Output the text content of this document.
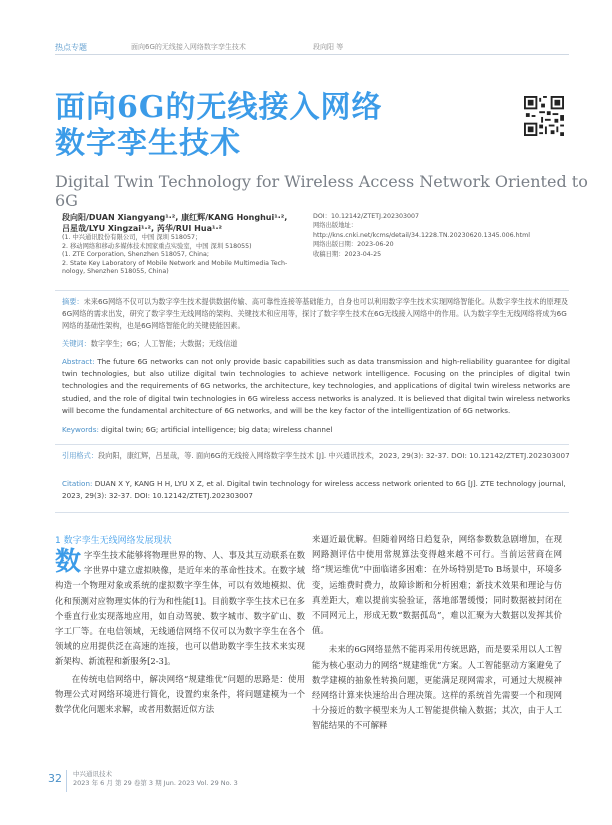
热点专题	面向6G的无线接入网络数字孪生技术	段向阳 等
面向6G的无线接入网络
数字孪生技术
Digital Twin Technology for Wireless Access Network Oriented to 6G
段向阳/DUAN Xiangyang¹·², 康红辉/KANG Honghui¹·²,
吕星哉/LYU Xingzai¹·², 芮华/RUI Hua¹·²
(1. 中兴通讯股份有限公司，中国 深圳 518057；
2. 移动网络和移动多媒体技术国家重点实验室，中国 深圳 518055)
(1. ZTE Corporation, Shenzhen 518057, China;
2. State Key Laboratory of Mobile Network and Mobile Multimedia Tech-
nology, Shenzhen 518055, China)
DOI：10.12142/ZTETJ.202303007
网络出版地址：http://kns.cnki.net/kcms/detail/34.1228.TN.20230620.1345.006.html
网络出版日期：2023-06-20
收稿日期：2023-04-25
摘要：未来6G网络不仅可以为数字孪生技术提供数据传输、高可靠性连接等基础能力，自身也可以利用数字孪生技术实现网络智能化。从数字孪生技术的原理及6G网络的需求出发，研究了数字孪生无线网络的架构、关键技术和应用等，探讨了数字孪生技术在6G无线接入网络中的作用。认为数字孪生无线网络将成为6G网络的基础性架构，也是6G网络智能化的关键使能因素。
关键词：数字孪生；6G；人工智能；大数据；无线信道
Abstract: The future 6G networks can not only provide basic capabilities such as data transmission and high-reliability guarantee for digital twin technologies, but also utilize digital twin technologies to achieve network intelligence. Focusing on the principles of digital twin technologies and the requirements of 6G networks, the architecture, key technologies, and applications of digital twin wireless networks are studied, and the role of digital twin technologies in 6G wireless access networks is analyzed. It is believed that digital twin wireless networks will become the fundamental architecture of 6G networks, and will be the key factor of the intelligentization of 6G networks.
Keywords: digital twin; 6G; artificial intelligence; big data; wireless channel
引用格式：段向阳，康红辉，吕星哉，等. 面向6G的无线接入网络数字孪生技术 [J]. 中兴通讯技术，2023, 29(3): 32-37. DOI: 10.12142/ZTETJ.202303007
Citation: DUAN X Y, KANG H H, LYU X Z, et al. Digital twin technology for wireless access network oriented to 6G [J]. ZTE technology journal, 2023, 29(3): 32-37. DOI: 10.12142/ZTETJ.202303007
1 数字孪生无线网络发展现状

数字孪生技术能够将物理世界的物、人、事及其互动联系在数字世界中建立虚拟映像，是近年来的革命性技术。在数字域构造一个物理对象或系统的虚拟数字孪生体，可以有效地模拟、优化和预测对应物理实体的行为和性能[1]。目前数字孪生技术已在多个垂直行业实现落地应用，如自动驾驶、数字城市、数字矿山、数字工厂等。在电信领域，无线通信网络不仅可以为数字孪生在各个领域的应用提供泛在高速的连接，也可以借助数字孪生技术来实现新架构、新流程和新服务[2-3]。

在传统电信网络中，解决网络“规建维优”问题的思路是：使用物理公式对网络环境进行简化，设置约束条件，将问题建模为一个数学优化问题来求解，或者用数据近似方法

来逼近最优解。但随着网络日趋复杂，网络参数数急剧增加，在现网路测评估中使用常规算法变得越来越不可行。当前运营商在网络“规运维优”中面临诸多困难：在外场特别是To B场景中，环境多变，运维费时费力，故障诊断和分析困难；新技术效果和理论与仿真差距大，难以提前实验验证，落地部署缓慢；同时数据被封闭在不同网元上，形成无数“数据孤岛”，难以汇聚为大数据以发挥其价值。

未来的6G网络显然不能再采用传统思路，而是要采用以人工智能为核心驱动力的网络“规建维优”方案。人工智能驱动方案避免了数学建模的抽象性转换问题，更能满足现网需求，可通过大规模神经网络计算来快速给出合理决策。这样的系统首先需要一个和现网十分接近的数字模型来为人工智能提供输入数据；其次，由于人工智能结果的不可解释

32 中兴通讯技术
2023 年 6 月 第 29 卷第 3 期 Jun. 2023 Vol. 29 No. 3
